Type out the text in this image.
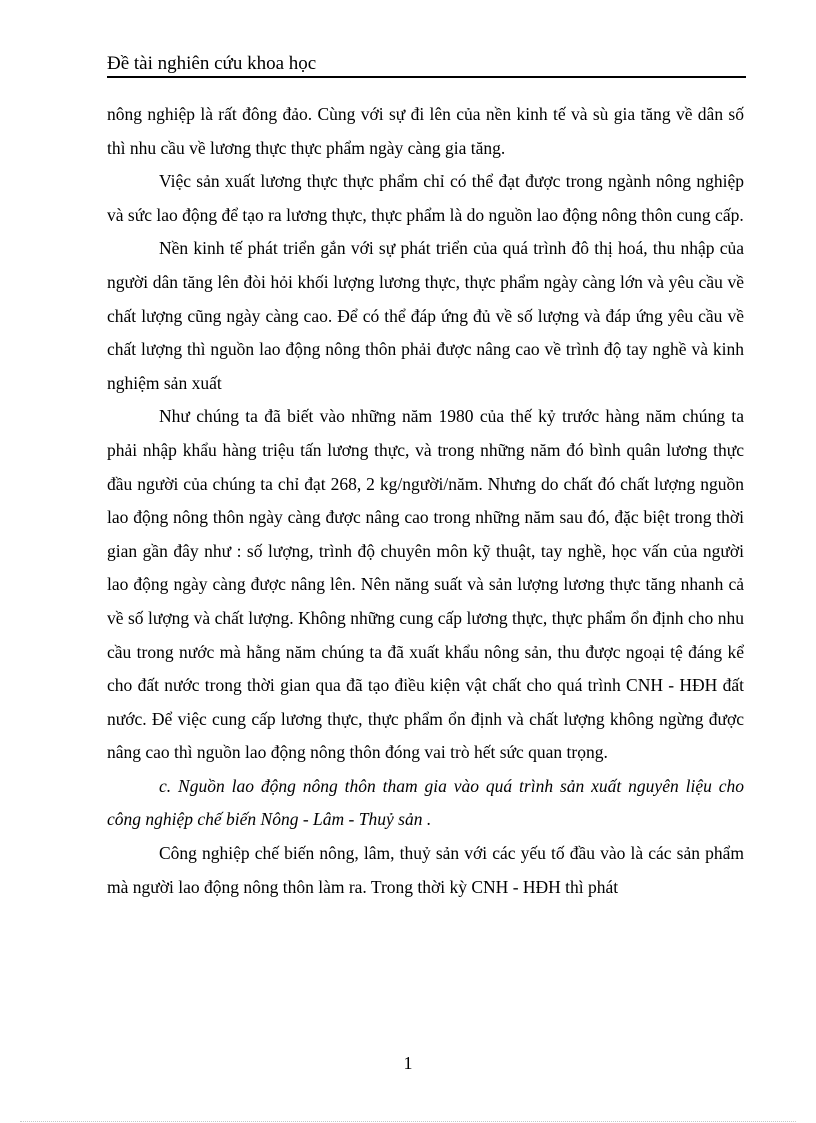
Đề tài nghiên cứu khoa học

nông nghiệp là rất đông đảo. Cùng với sự đi lên của nền kinh tế và sù gia tăng về dân số thì nhu cầu về lương thực thực phẩm ngày càng gia tăng.

Việc sản xuất lương thực thực phẩm chỉ có thể đạt được trong ngành nông nghiệp và sức lao động để tạo ra lương thực, thực phẩm là do nguồn lao động nông thôn cung cấp.

Nền kinh tế phát triển gắn với sự phát triển của quá trình đô thị hoá, thu nhập của người dân tăng lên đòi hỏi khối lượng lương thực, thực phẩm ngày càng lớn và yêu cầu về chất lượng cũng ngày càng cao. Để có thể đáp ứng đủ về số lượng và đáp ứng yêu cầu về chất lượng thì nguồn lao động nông thôn phải được nâng cao về trình độ tay nghề và kinh nghiệm sản xuất

Như chúng ta đã biết vào những năm 1980 của thế kỷ trước hàng năm chúng ta phải nhập khẩu hàng triệu tấn lương thực, và trong những năm đó bình quân lương thực đầu người của chúng ta chỉ đạt 268, 2 kg/người/năm. Nhưng do chất đó chất lượng nguồn lao động nông thôn ngày càng được nâng cao trong những năm sau đó, đặc biệt trong thời gian gần đây như : số lượng, trình độ chuyên môn kỹ thuật, tay nghề, học vấn của người lao động ngày càng được nâng lên. Nên năng suất và sản lượng lương thực tăng nhanh cả về số lượng và chất lượng. Không những cung cấp lương thực, thực phẩm ổn định cho nhu cầu trong nước mà hằng năm chúng ta đã xuất khẩu nông sản, thu được ngoại tệ đáng kể cho đất nước trong thời gian qua đã tạo điều kiện vật chất cho quá trình CNH - HĐH đất nước. Để việc cung cấp lương thực, thực phẩm ổn định và chất lượng không ngừng được nâng cao thì nguồn lao động nông thôn đóng vai trò hết sức quan trọng.

c. Nguồn lao động nông thôn tham gia vào quá trình sản xuất nguyên liệu cho công nghiệp chế biến Nông - Lâm - Thuỷ sản .

Công nghiệp chế biến nông, lâm, thuỷ sản với các yếu tố đầu vào là các sản phẩm mà người lao động nông thôn làm ra. Trong thời kỳ CNH - HĐH thì phát

1
